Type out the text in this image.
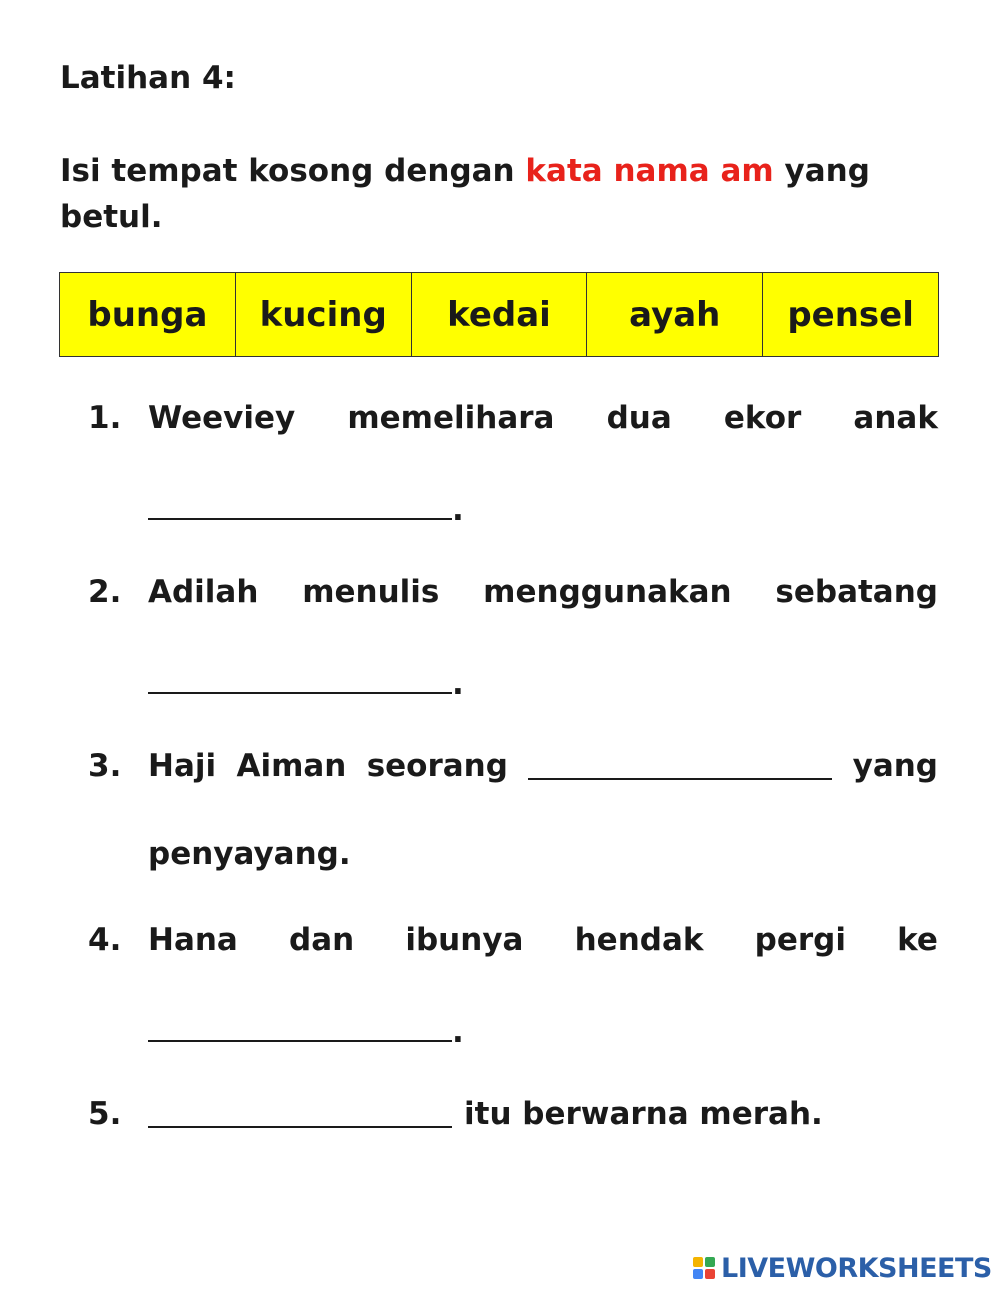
Latihan 4:
Isi tempat kosong dengan kata nama am yang betul.
bunga	kucing	kedai	ayah	pensel
1. Weeviey memelihara dua ekor anak
.
2. Adilah menulis menggunakan sebatang
.
3. Haji Aiman seorang	yang
penyayang.
4. Hana dan ibunya hendak pergi ke
.
5.	itu berwarna merah.
LIVEWORKSHEETS
